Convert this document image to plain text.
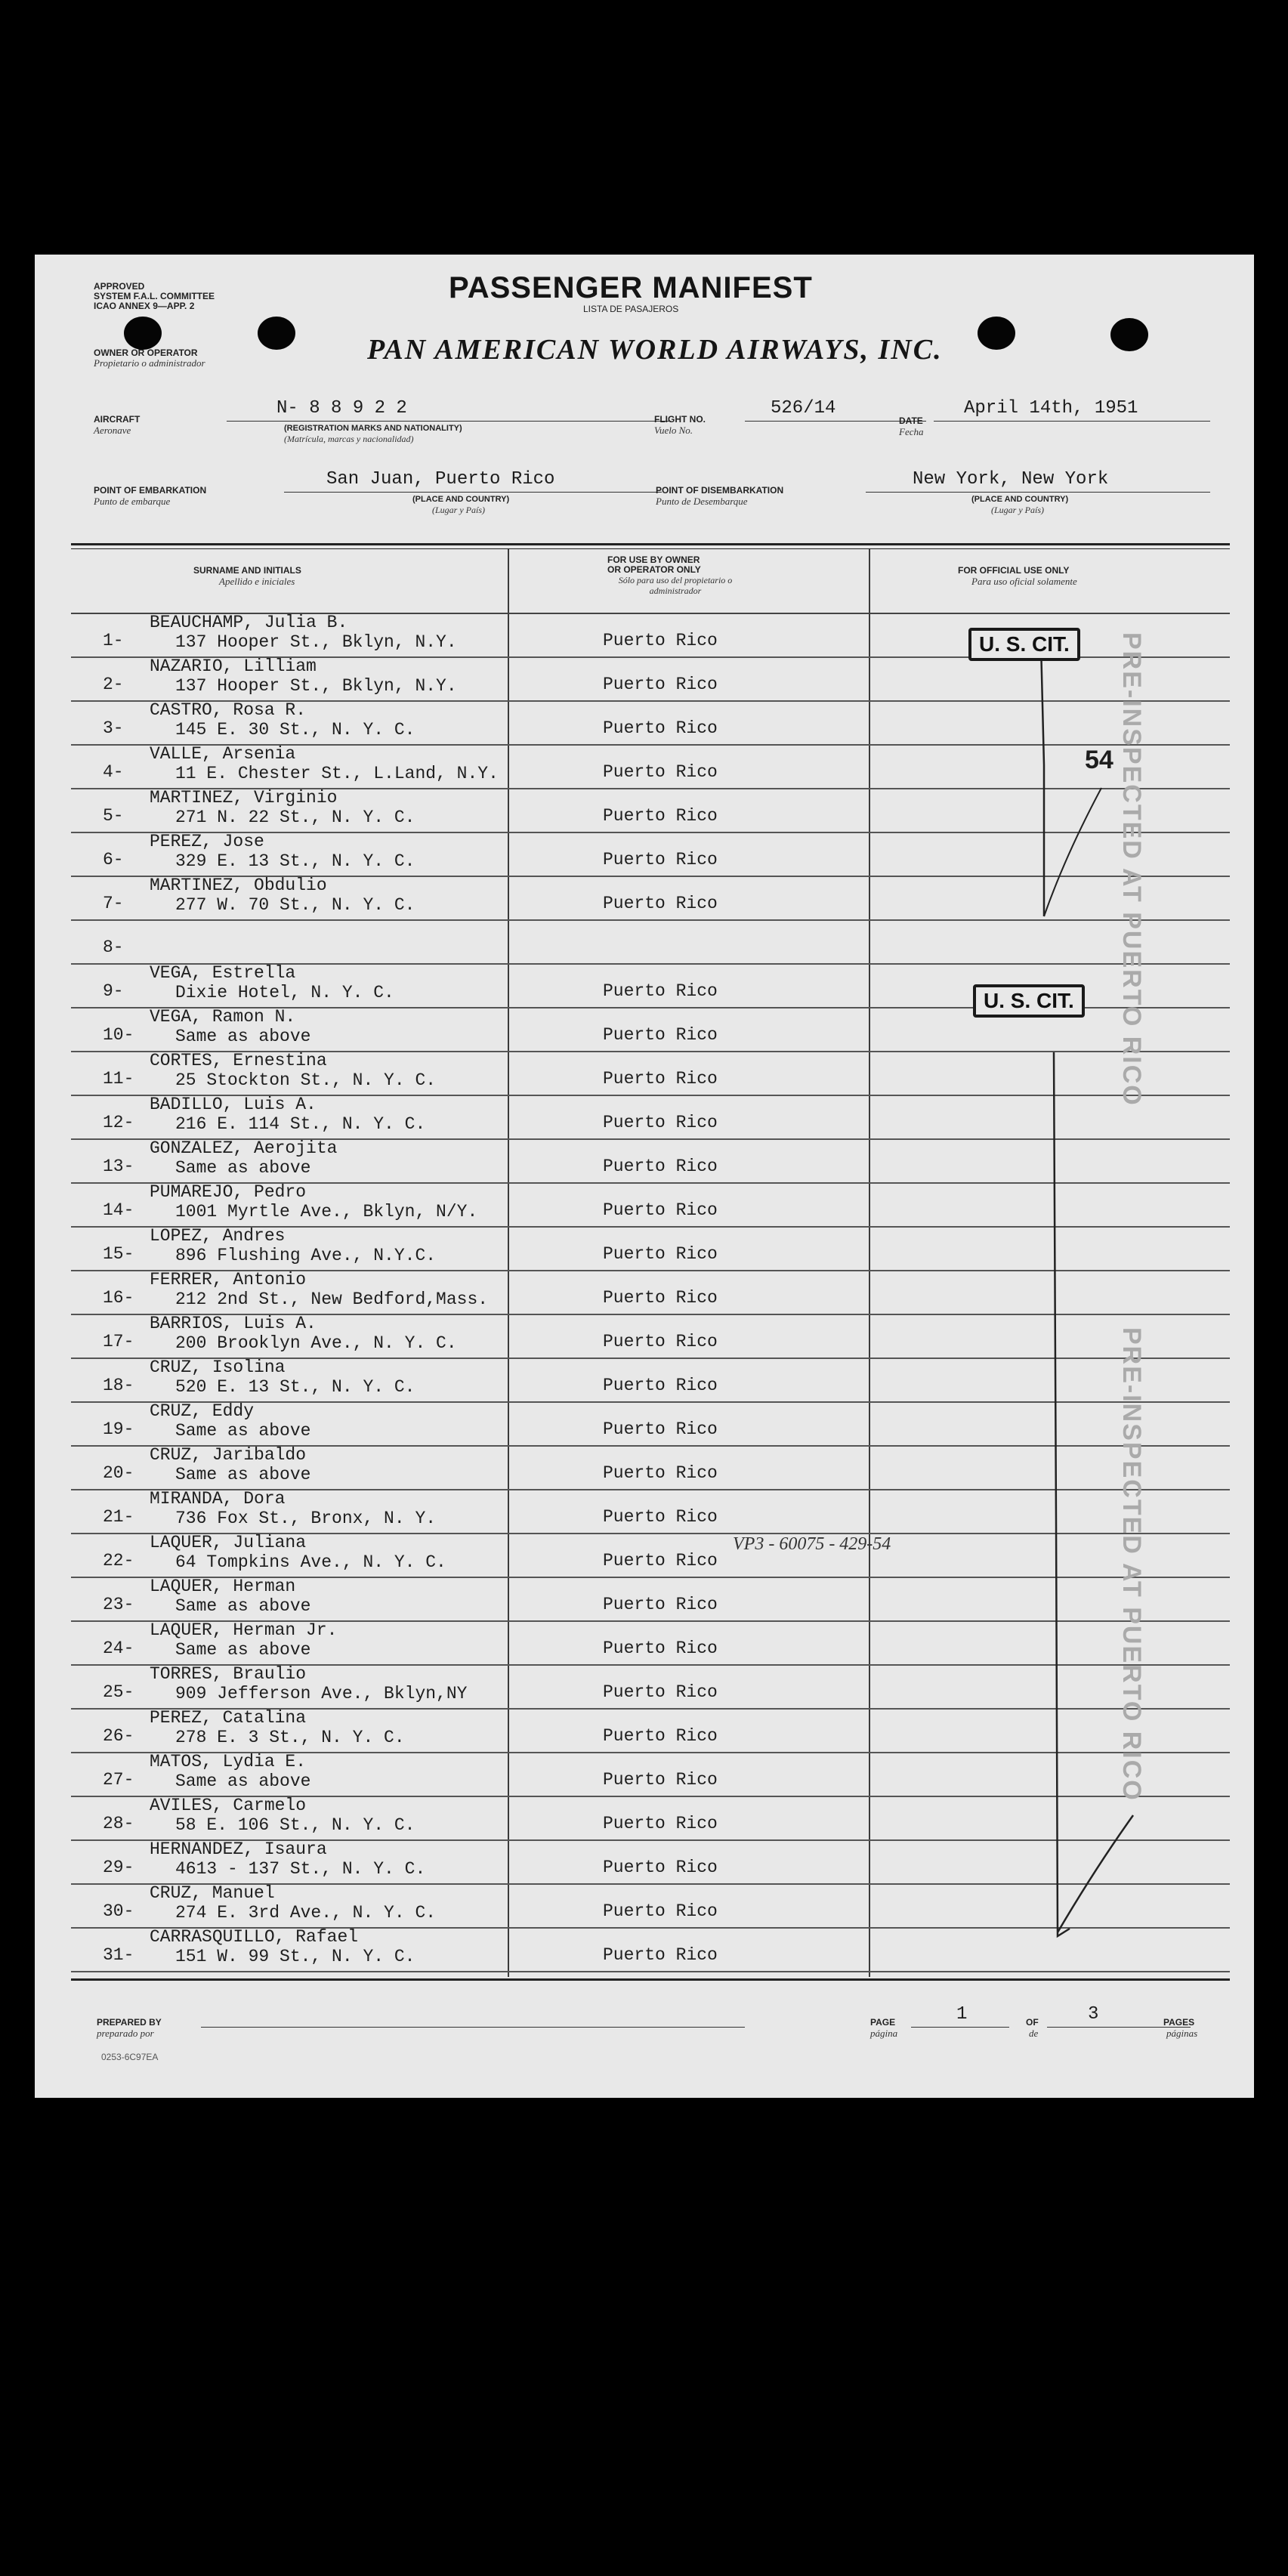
APPROVED
SYSTEM F.A.L. COMMITTEE
ICAO ANNEX 9—APP. 2
OWNER OR OPERATOR
Propietario o administrador
PASSENGER MANIFEST
LISTA DE PASAJEROS
PAN AMERICAN WORLD AIRWAYS, INC.
AIRCRAFT
Aeronave
N- 8 8 9 2 2
(REGISTRATION MARKS AND NATIONALITY)
(Matrícula, marcas y nacionalidad)
FLIGHT NO.
Vuelo No.
526/14
DATE
Fecha
April 14th, 1951
POINT OF EMBARKATION
Punto de embarque
San Juan, Puerto Rico
(PLACE AND COUNTRY)
(Lugar y País)
POINT OF DISEMBARKATION
Punto de Desembarque
New York, New York
(PLACE AND COUNTRY)
(Lugar y País)
SURNAME AND INITIALS
Apellido e iniciales
FOR USE BY OWNER
OR OPERATOR ONLY
Sólo para uso del propietario o administrador
FOR OFFICIAL USE ONLY
Para uso oficial solamente
1-
BEAUCHAMP, Julia B.
137 Hooper St., Bklyn, N.Y.	Puerto Rico
2-
NAZARIO, Lilliam
137 Hooper St., Bklyn, N.Y.	Puerto Rico
3-
CASTRO, Rosa R.
145 E. 30 St., N. Y. C.	Puerto Rico
4-
VALLE, Arsenia
11 E. Chester St., L.Land, N.Y.	Puerto Rico
5-
MARTINEZ, Virginio
271 N. 22 St., N. Y. C.	Puerto Rico
6-
PEREZ, Jose
329 E. 13 St., N. Y. C.	Puerto Rico
7-
MARTINEZ, Obdulio
277 W. 70 St., N. Y. C.	Puerto Rico
8-
9-
VEGA, Estrella
Dixie Hotel, N. Y. C.	Puerto Rico
10-
VEGA, Ramon N.
Same as above	Puerto Rico
11-
CORTES, Ernestina
25 Stockton St., N. Y. C.	Puerto Rico
12-
BADILLO, Luis A.
216 E. 114 St., N. Y. C.	Puerto Rico
13-
GONZALEZ, Aerojita
Same as above	Puerto Rico
14-
PUMAREJO, Pedro
1001 Myrtle Ave., Bklyn, N/Y.	Puerto Rico
15-
LOPEZ, Andres
896 Flushing Ave., N.Y.C.	Puerto Rico
16-
FERRER, Antonio
212 2nd St., New Bedford,Mass.	Puerto Rico
17-
BARRIOS, Luis A.
200 Brooklyn Ave., N. Y. C.	Puerto Rico
18-
CRUZ, Isolina
520 E. 13 St., N. Y. C.	Puerto Rico
19-
CRUZ, Eddy
Same as above	Puerto Rico
20-
CRUZ, Jaribaldo
Same as above	Puerto Rico
21-
MIRANDA, Dora
736 Fox St., Bronx, N. Y.	Puerto Rico
22-
LAQUER, Juliana
64 Tompkins Ave., N. Y. C.	Puerto Rico
23-
LAQUER, Herman
Same as above	Puerto Rico
24-
LAQUER, Herman Jr.
Same as above	Puerto Rico
25-
TORRES, Braulio
909 Jefferson Ave., Bklyn,NY	Puerto Rico
26-
PEREZ, Catalina
278 E. 3 St., N. Y. C.	Puerto Rico
27-
MATOS, Lydia E.
Same as above	Puerto Rico
28-
AVILES, Carmelo
58 E. 106 St., N. Y. C.	Puerto Rico
29-
HERNANDEZ, Isaura
4613 - 137 St., N. Y. C.	Puerto Rico
30-
CRUZ, Manuel
274 E. 3rd Ave., N. Y. C.	Puerto Rico
31-
CARRASQUILLO, Rafael
151 W. 99 St., N. Y. C.	Puerto Rico
U. S. CIT.
U. S. CIT.
54 PRE-INSPECTED AT PUERTO RICO
PRE-INSPECTED AT PUERTO RICO
VP3 - 60075 - 429-54
PREPARED BY
preparado por
0253-6C97EA
PAGE
página
1	OF
de
3	PAGES
páginas
